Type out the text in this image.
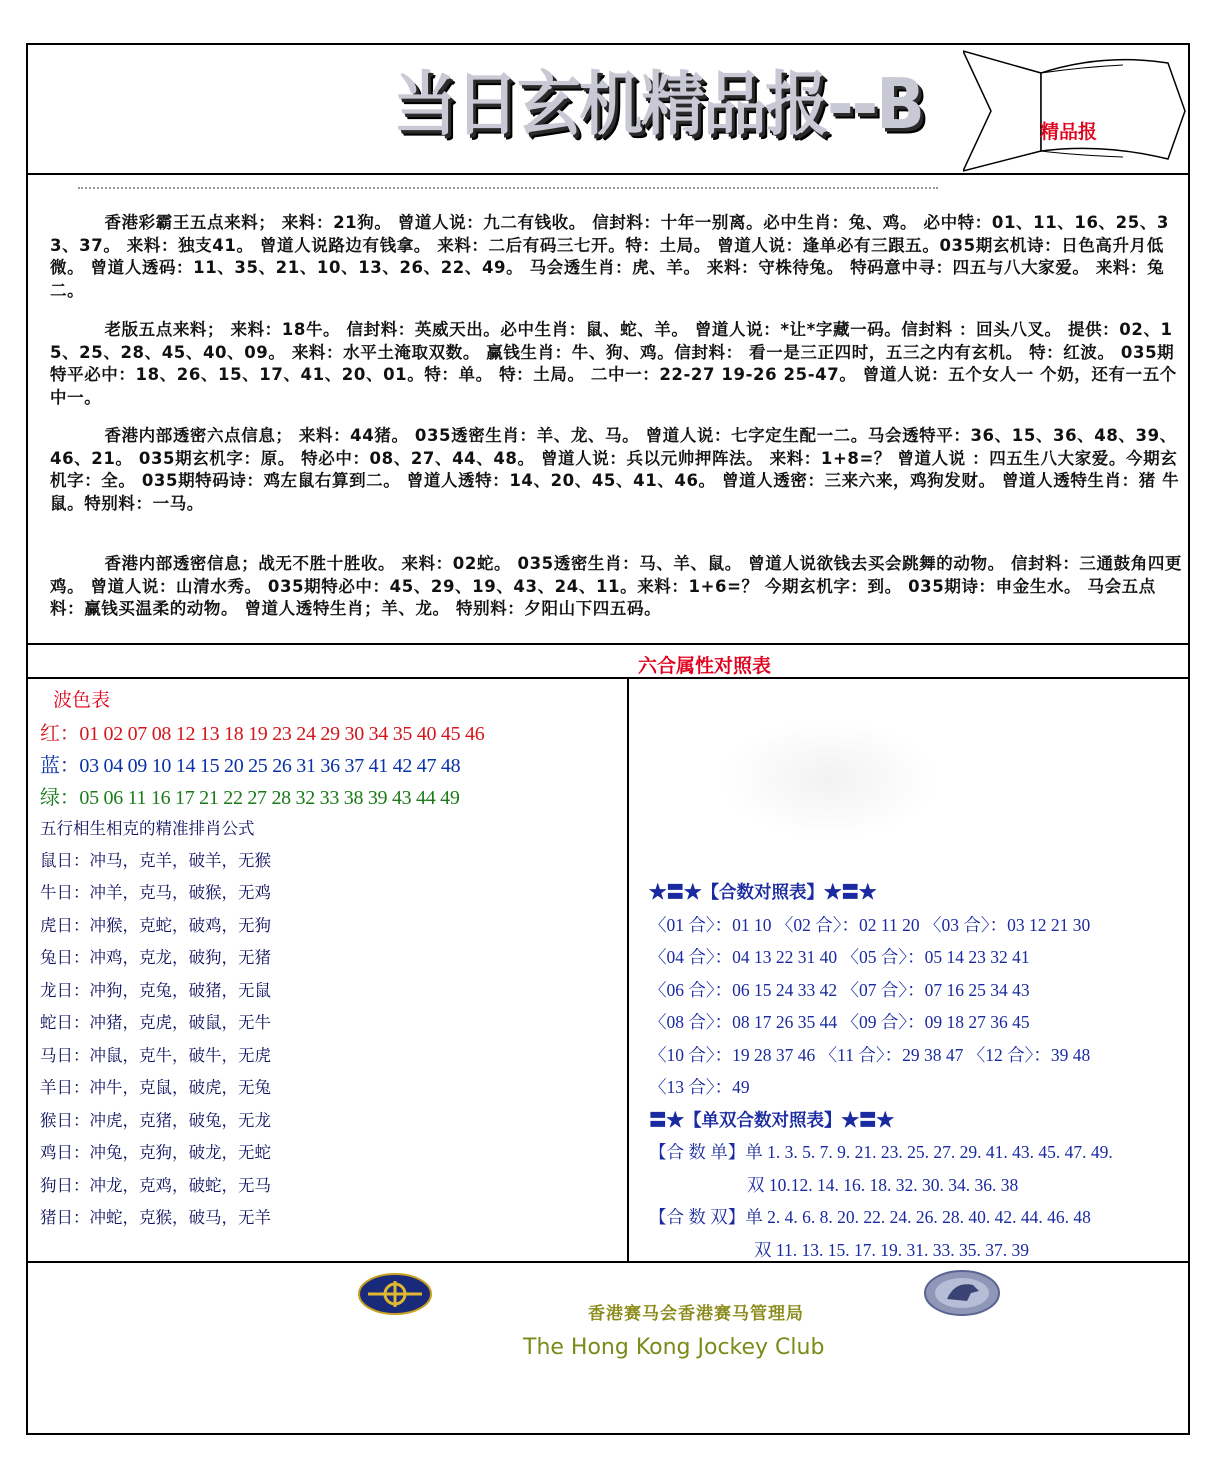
当日玄机精品报--B	精品报

香港彩霸王五点来料； 来料：21狗。 曾道人说：九二有钱收。 信封料：十年一别离。必中生肖：兔、鸡。 必中特：01、11、16、25、33、37。 来料：独支41。 曾道人说路边有钱拿。 来料：二后有码三七开。特：土局。 曾道人说：逢单必有三跟五。035期玄机诗：日色高升月低微。 曾道人透码：11、35、21、10、13、26、22、49。 马会透生肖：虎、羊。 来料：守株待兔。 特码意中寻：四五与八大家爱。 来料：兔二。

老版五点来料； 来料：18牛。 信封料：英威天出。必中生肖：鼠、蛇、羊。 曾道人说：*让*字藏一码。信封料 ：回头八叉。 提供：02、15、25、28、45、40、09。 来料：水平土淹取双数。 赢钱生肖：牛、狗、鸡。信封料： 看一是三正四时，五三之内有玄机。 特：红波。 035期特平必中：18、26、15、17、41、20、01。特：单。 特：土局。 二中一：22-27 19-26 25-47。 曾道人说：五个女人一 个奶，还有一五个中一。

香港内部透密六点信息； 来料：44猪。 035透密生肖：羊、龙、马。 曾道人说：七字定生配一二。马会透特平：36、15、36、48、39、46、21。 035期玄机字：原。 特必中：08、27、44、48。 曾道人说：兵以元帅押阵法。 来料：1+8=？ 曾道人说 ：四五生八大家爱。今期玄机字：全。 035期特码诗：鸡左鼠右算到二。 曾道人透特：14、20、45、41、46。 曾道人透密：三来六来，鸡狗发财。 曾道人透特生肖：猪 牛 鼠。特别料：一马。

香港内部透密信息；战无不胜十胜收。 来料：02蛇。 035透密生肖：马、羊、鼠。 曾道人说欲钱去买会跳舞的动物。 信封料：三通鼓角四更鸡。 曾道人说：山清水秀。 035期特必中：45、29、19、43、24、11。来料：1+6=？ 今期玄机字：到。 035期诗：申金生水。 马会五点料：赢钱买温柔的动物。 曾道人透特生肖；羊、龙。 特别料：夕阳山下四五码。

六合属性对照表
波色表
红：01 02 07 08 12 13 18 19 23 24 29 30 34 35 40 45 46
蓝：03 04 09 10 14 15 20 25 26 31 36 37 41 42 47 48
绿：05 06 11 16 17 21 22 27 28 32 33 38 39 43 44 49
五行相生相克的精准排肖公式
鼠日：冲马，克羊，破羊，无猴
牛日：冲羊，克马，破猴，无鸡
虎日：冲猴，克蛇，破鸡，无狗
兔日：冲鸡，克龙，破狗，无猪
龙日：冲狗，克兔，破猪，无鼠
蛇日：冲猪，克虎，破鼠，无牛
马日：冲鼠，克牛，破牛，无虎
羊日：冲牛，克鼠，破虎，无兔
猴日：冲虎，克猪，破兔，无龙
鸡日：冲兔，克狗，破龙，无蛇
狗日：冲龙，克鸡，破蛇，无马
猪日：冲蛇，克猴，破马，无羊
★〓★【合数对照表】★〓★
〈01 合〉：01 10 〈02 合〉：02 11 20 〈03 合〉：03 12 21 30
〈04 合〉：04 13 22 31 40 〈05 合〉：05 14 23 32 41
〈06 合〉：06 15 24 33 42 〈07 合〉：07 16 25 34 43
〈08 合〉：08 17 26 35 44 〈09 合〉：09 18 27 36 45
〈10 合〉：19 28 37 46 〈11 合〉：29 38 47 〈12 合〉：39 48
〈13 合〉：49
〓★【单双合数对照表】★〓★
【合 数 单】单 1. 3. 5. 7. 9. 21. 23. 25. 27. 29. 41. 43. 45. 47. 49.
双 10.12. 14. 16. 18. 32. 30. 34. 36. 38
【合 数 双】单 2. 4. 6. 8. 20. 22. 24. 26. 28. 40. 42. 44. 46. 48
双 11. 13. 15. 17. 19. 31. 33. 35. 37. 39
香港赛马会香港赛马管理局
The Hong Kong Jockey Club
